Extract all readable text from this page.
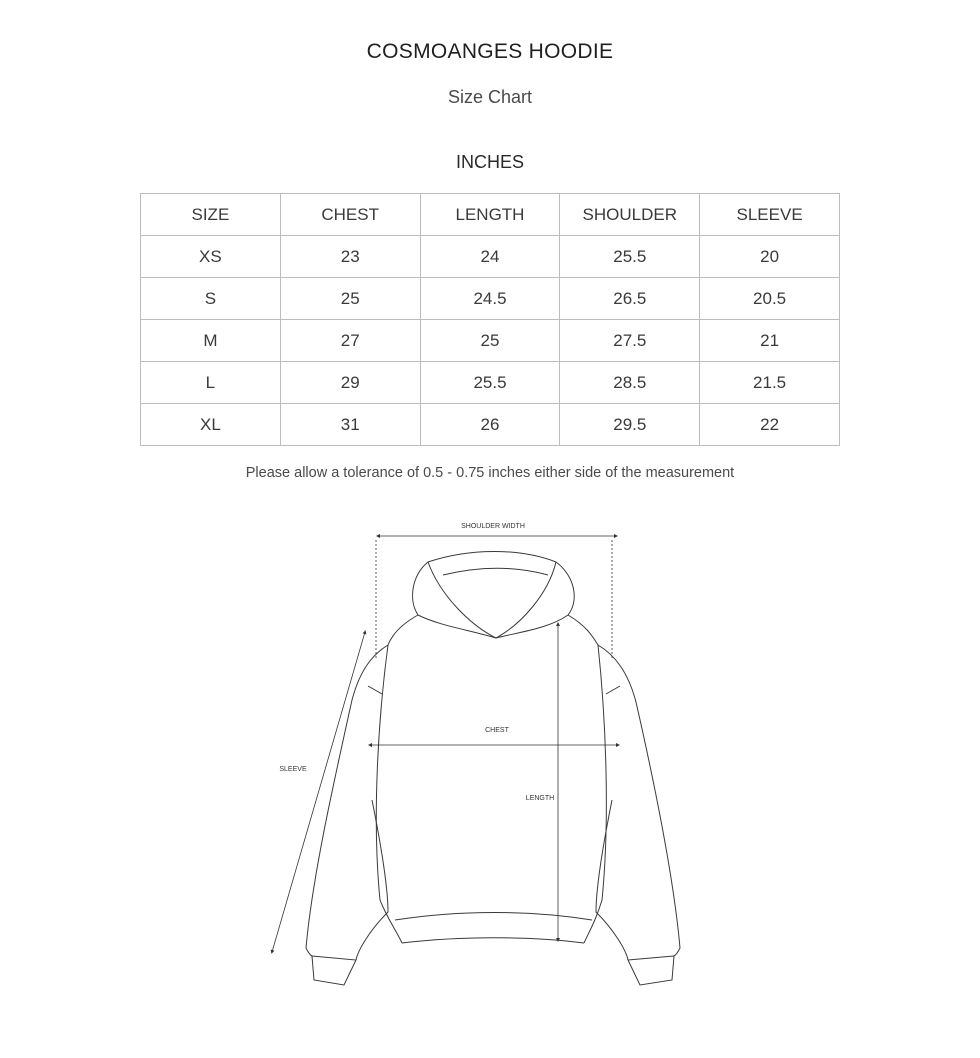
COSMOANGES HOODIE
Size Chart
INCHES
SIZE	CHEST	LENGTH	SHOULDER	SLEEVE
XS	23	24	25.5	20
S	25	24.5	26.5	20.5
M	27	25	27.5	21
L	29	25.5	28.5	21.5
XL	31	26	29.5	22
Please allow a tolerance of 0.5 - 0.75 inches either side of the measurement
SHOULDER WIDTH
CHEST
LENGTH
SLEEVE
